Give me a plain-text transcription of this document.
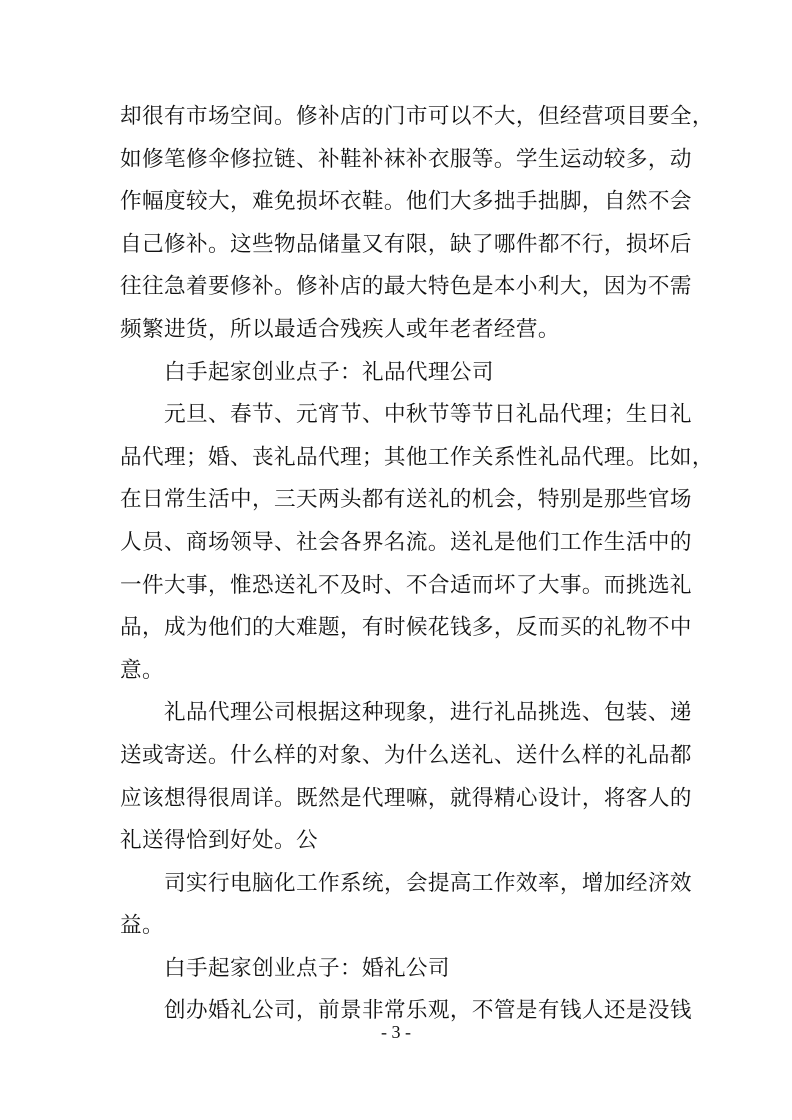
却很有市场空间。修补店的门市可以不大，但经营项目要全，
如修笔修伞修拉链、补鞋补袜补衣服等。学生运动较多，动
作幅度较大，难免损坏衣鞋。他们大多拙手拙脚，自然不会
自己修补。这些物品储量又有限，缺了哪件都不行，损坏后
往往急着要修补。修补店的最大特色是本小利大，因为不需
频繁进货，所以最适合残疾人或年老者经营。
白手起家创业点子：礼品代理公司
元旦、春节、元宵节、中秋节等节日礼品代理；生日礼
品代理；婚、丧礼品代理；其他工作关系性礼品代理。比如，
在日常生活中，三天两头都有送礼的机会，特别是那些官场
人员、商场领导、社会各界名流。送礼是他们工作生活中的
一件大事，惟恐送礼不及时、不合适而坏了大事。而挑选礼
品，成为他们的大难题，有时候花钱多，反而买的礼物不中
意。
礼品代理公司根据这种现象，进行礼品挑选、包装、递
送或寄送。什么样的对象、为什么送礼、送什么样的礼品都
应该想得很周详。既然是代理嘛，就得精心设计，将客人的
礼送得恰到好处。公
司实行电脑化工作系统，会提高工作效率，增加经济效
益。
白手起家创业点子：婚礼公司
创办婚礼公司，前景非常乐观，不管是有钱人还是没钱
- 3 -
